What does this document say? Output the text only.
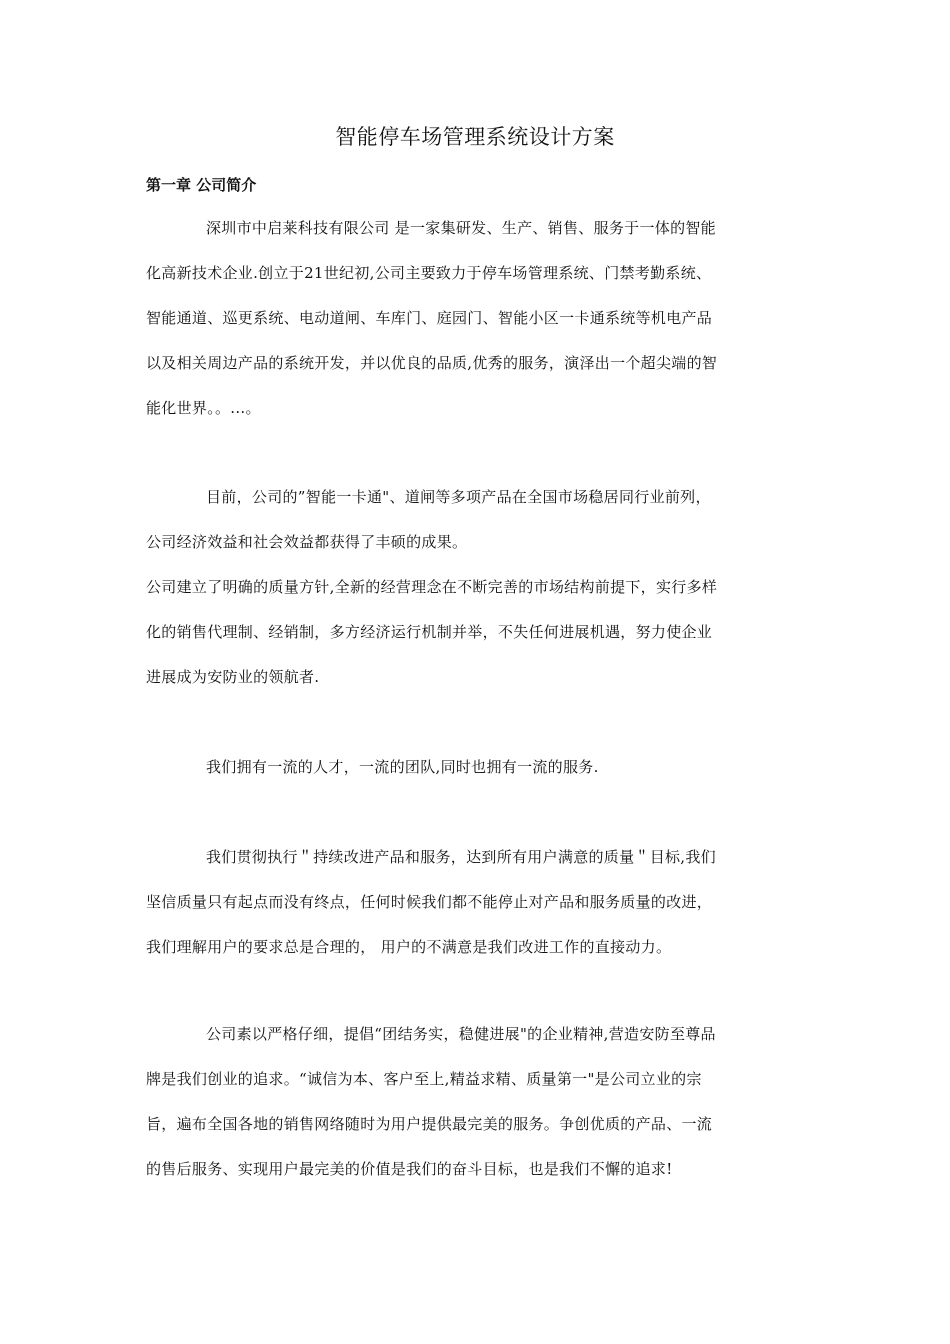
智能停车场管理系统设计方案
第一章 公司简介
深圳市中启莱科技有限公司 是一家集研发、生产、销售、服务于一体的智能
化高新技术企业.创立于21世纪初,公司主要致力于停车场管理系统、门禁考勤系统、
智能通道、巡更系统、电动道闸、车库门、庭园门、智能小区一卡通系统等机电产品
以及相关周边产品的系统开发，并以优良的品质,优秀的服务，演泽出一个超尖端的智
能化世界。。...。
目前，公司的”智能一卡通"、道闸等多项产品在全国市场稳居同行业前列，
公司经济效益和社会效益都获得了丰硕的成果。
公司建立了明确的质量方针,全新的经营理念在不断完善的市场结构前提下，实行多样
化的销售代理制、经销制，多方经济运行机制并举，不失任何进展机遇，努力使企业
进展成为安防业的领航者.
我们拥有一流的人才，一流的团队,同时也拥有一流的服务.
我们贯彻执行＂持续改进产品和服务，达到所有用户满意的质量＂目标,我们
坚信质量只有起点而没有终点，任何时候我们都不能停止对产品和服务质量的改进，
我们理解用户的要求总是合理的， 用户的不满意是我们改进工作的直接动力。
公司素以严格仔细，提倡“团结务实，稳健进展"的企业精神,营造安防至尊品
牌是我们创业的追求。“诚信为本、客户至上,精益求精、质量第一"是公司立业的宗
旨，遍布全国各地的销售网络随时为用户提供最完美的服务。争创优质的产品、一流
的售后服务、实现用户最完美的价值是我们的奋斗目标，也是我们不懈的追求!
